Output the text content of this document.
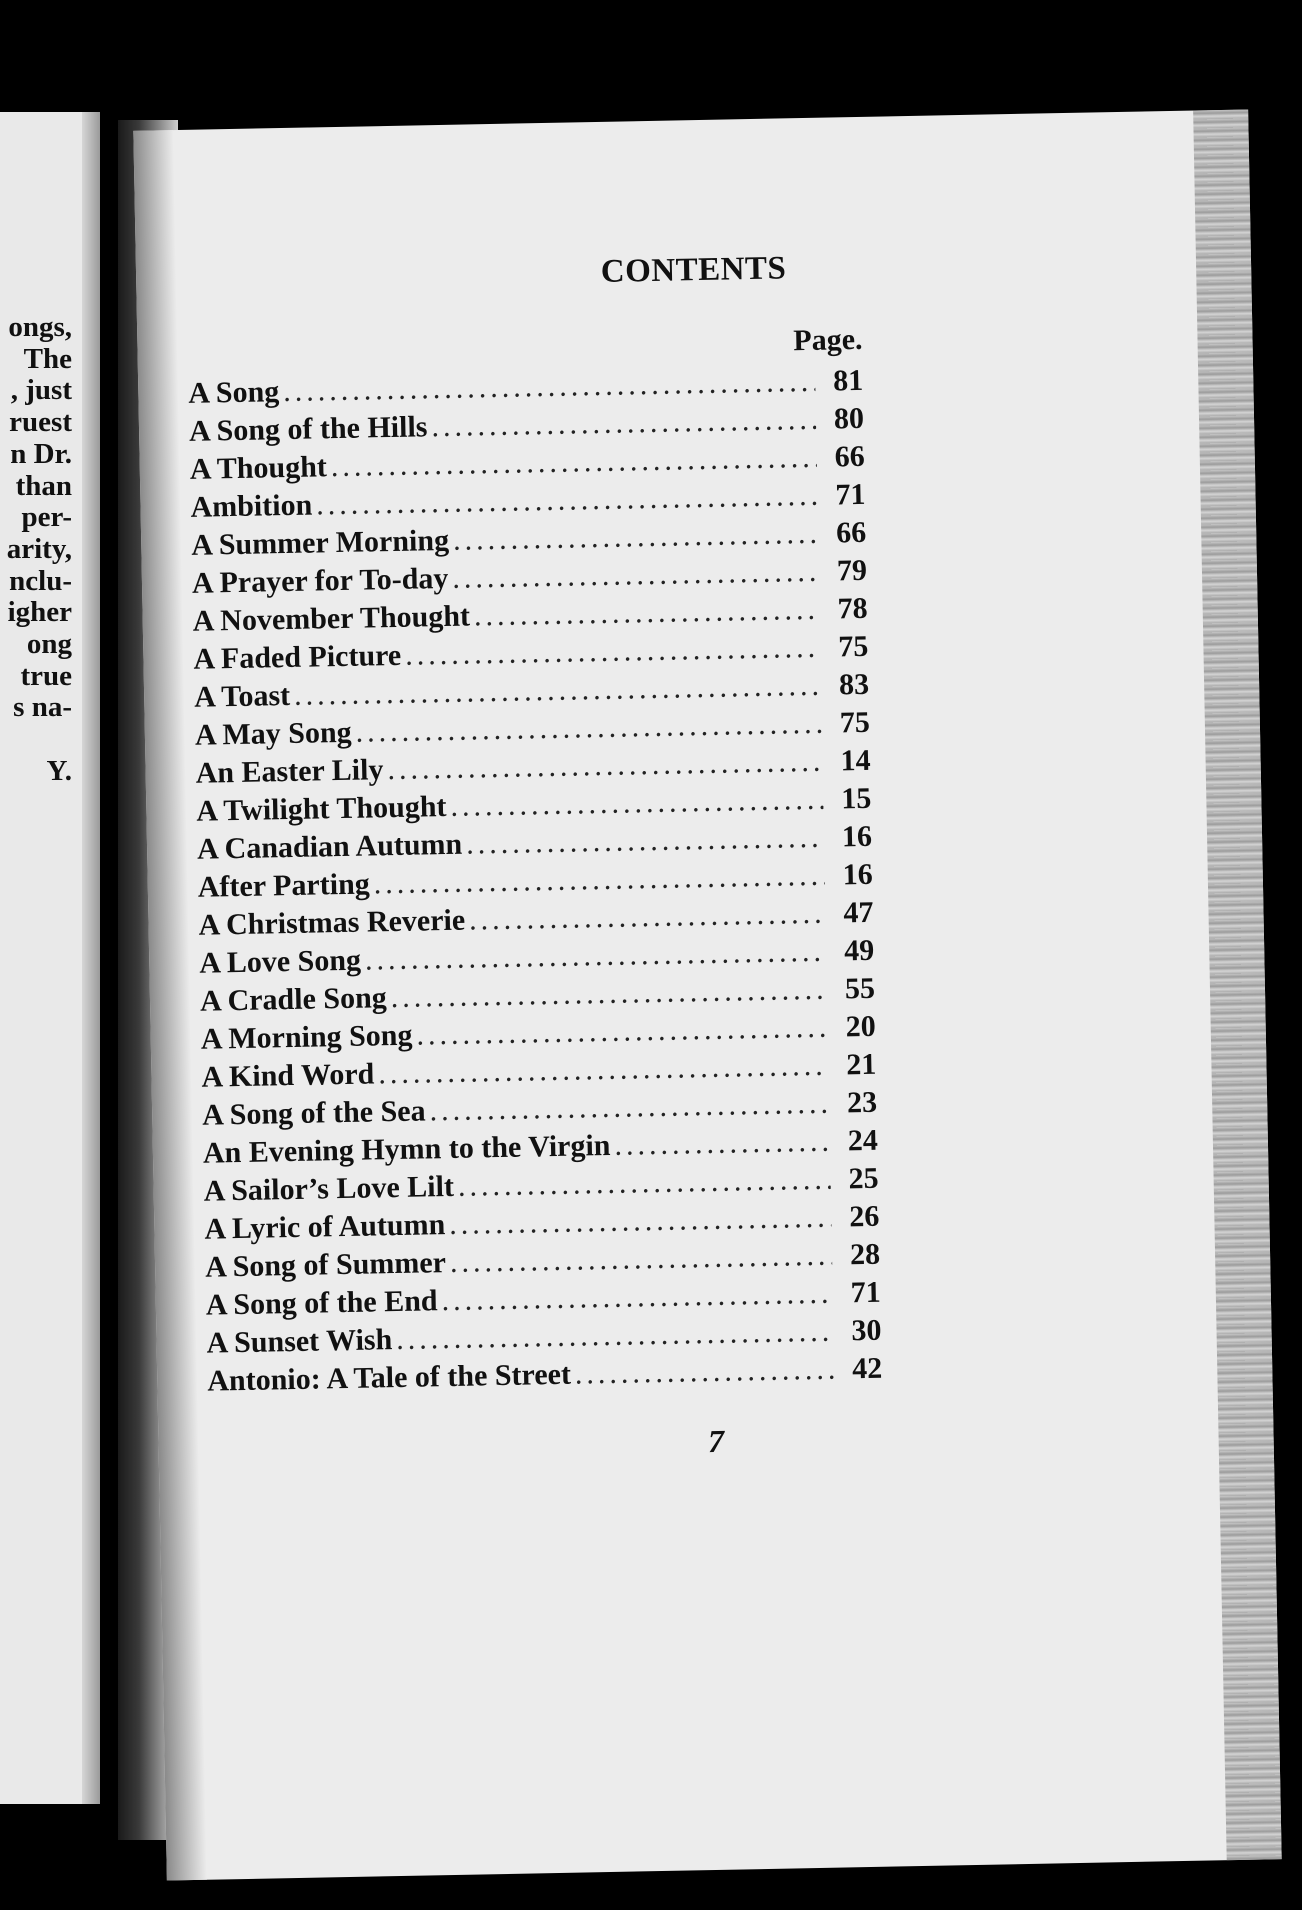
ongs,
The
, just
ruest
n Dr.
than
per-
arity,
nclu-
igher
ong
true
s na-

Y.
CONTENTS
Page.
A Song .....	81
A Song of the Hills .....	80
A Thought .....	66
Ambition .....	71
A Summer Morning .....	66
A Prayer for To-day .....	79
A November Thought .....	78
A Faded Picture .....	75
A Toast .....	83
A May Song .....	75
An Easter Lily .....	14
A Twilight Thought .....	15
A Canadian Autumn .....	16
After Parting .....	16
A Christmas Reverie .....	47
A Love Song .....	49
A Cradle Song .....	55
A Morning Song .....	20
A Kind Word .....	21
A Song of the Sea .....	23
An Evening Hymn to the Virgin .....	24
A Sailor’s Love Lilt .....	25
A Lyric of Autumn .....	26
A Song of Summer .....	28
A Song of the End .....	71
A Sunset Wish .....	30
Antonio: A Tale of the Street .....	42
7
